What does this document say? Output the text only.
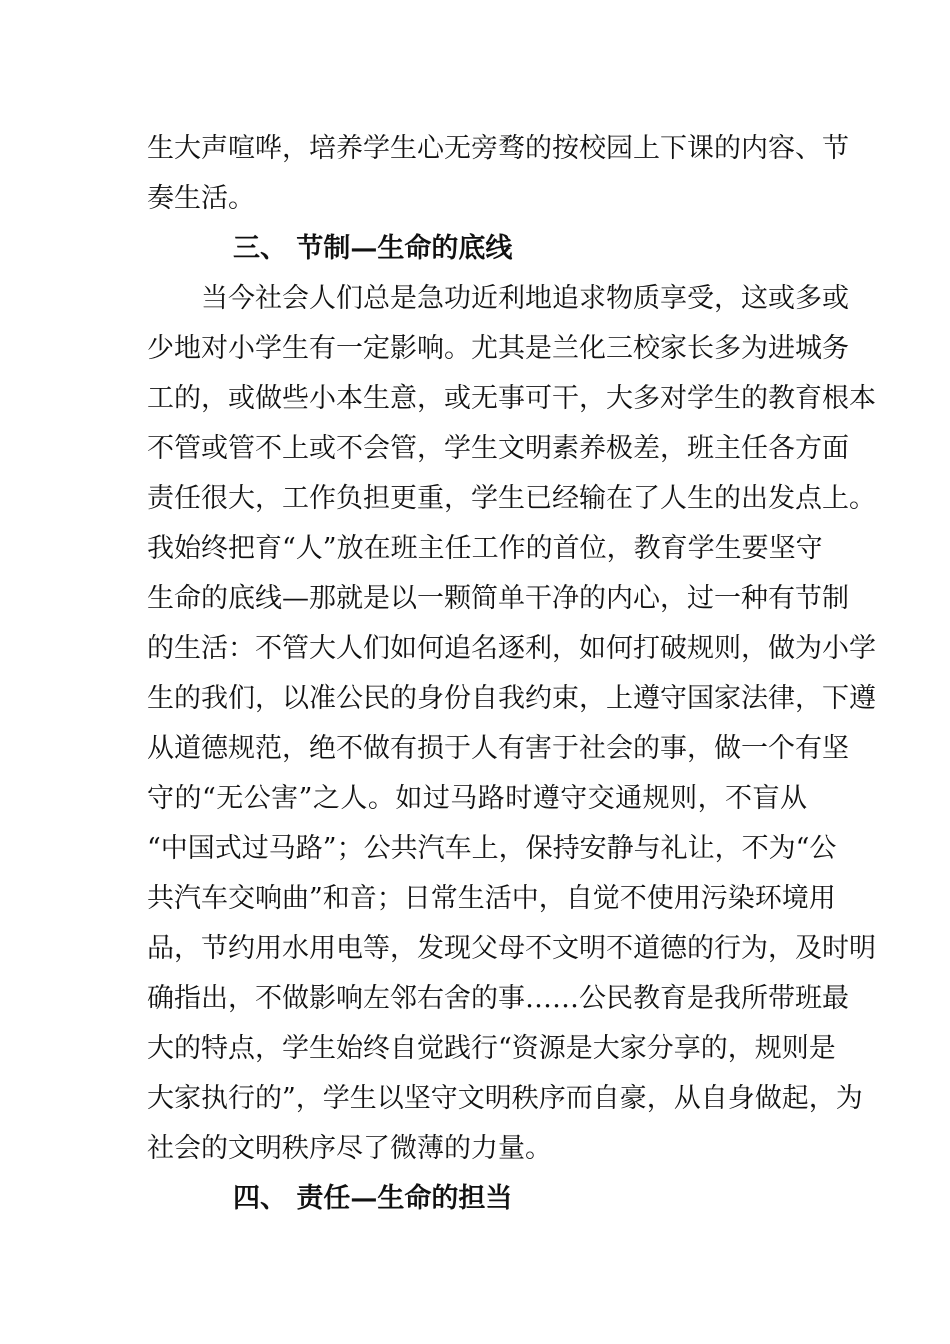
生大声喧哗，培养学生心无旁骛的按校园上下课的内容、节
奏生活。
三、 节制—生命的底线
当今社会人们总是急功近利地追求物质享受，这或多或
少地对小学生有一定影响。尤其是兰化三校家长多为进城务
工的，或做些小本生意，或无事可干，大多对学生的教育根本
不管或管不上或不会管，学生文明素养极差，班主任各方面
责任很大，工作负担更重，学生已经输在了人生的出发点上。
我始终把育“人”放在班主任工作的首位，教育学生要坚守
生命的底线—那就是以一颗简单干净的内心，过一种有节制
的生活：不管大人们如何追名逐利，如何打破规则，做为小学
生的我们，以准公民的身份自我约束，上遵守国家法律，下遵
从道德规范，绝不做有损于人有害于社会的事，做一个有坚
守的“无公害”之人。如过马路时遵守交通规则，不盲从
“中国式过马路”；公共汽车上，保持安静与礼让，不为“公
共汽车交响曲”和音；日常生活中，自觉不使用污染环境用
品，节约用水用电等，发现父母不文明不道德的行为，及时明
确指出，不做影响左邻右舍的事……公民教育是我所带班最
大的特点，学生始终自觉践行“资源是大家分享的，规则是
大家执行的”，学生以坚守文明秩序而自豪，从自身做起，为
社会的文明秩序尽了微薄的力量。
四、 责任—生命的担当
